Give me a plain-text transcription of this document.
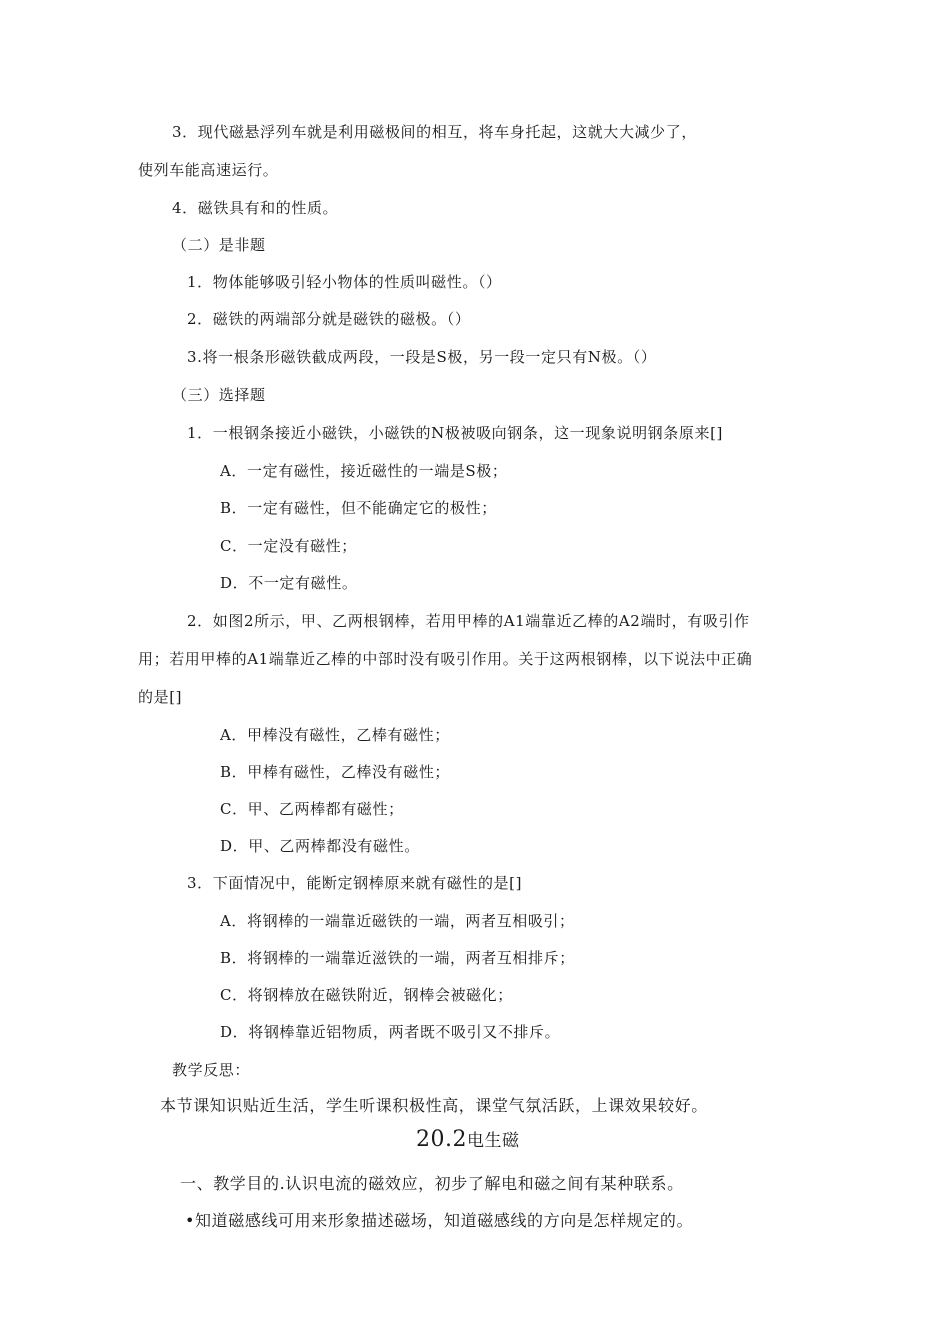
3．现代磁悬浮列车就是利用磁极间的相互，将车身托起，这就大大减少了，
使列车能高速运行。
4．磁铁具有和的性质。
（二）是非题
1．物体能够吸引轻小物体的性质叫磁性。（）
2．磁铁的两端部分就是磁铁的磁极。（）
3.将一根条形磁铁截成两段，一段是S极，另一段一定只有N极。（）
（三）选择题
1．一根钢条接近小磁铁，小磁铁的N极被吸向钢条，这一现象说明钢条原来[]
A．一定有磁性，接近磁性的一端是S极；
B．一定有磁性，但不能确定它的极性；
C．一定没有磁性；
D．不一定有磁性。
2．如图2所示，甲、乙两根钢棒，若用甲棒的A1端靠近乙棒的A2端时，有吸引作
用；若用甲棒的A1端靠近乙棒的中部时没有吸引作用。关于这两根钢棒，以下说法中正确
的是[]
A．甲棒没有磁性，乙棒有磁性；
B．甲棒有磁性，乙棒没有磁性；
C．甲、乙两棒都有磁性；
D．甲、乙两棒都没有磁性。
3．下面情况中，能断定钢棒原来就有磁性的是[]
A．将钢棒的一端靠近磁铁的一端，两者互相吸引；
B．将钢棒的一端靠近滋铁的一端，两者互相排斥；
C．将钢棒放在磁铁附近，钢棒会被磁化；
D．将钢棒靠近铝物质，两者既不吸引又不排斥。
教学反思：
本节课知识贴近生活，学生听课积极性高，课堂气氛活跃，上课效果较好。
20.2电生磁
一、教学目的.认识电流的磁效应，初步了解电和磁之间有某种联系。
•知道磁感线可用来形象描述磁场，知道磁感线的方向是怎样规定的。
